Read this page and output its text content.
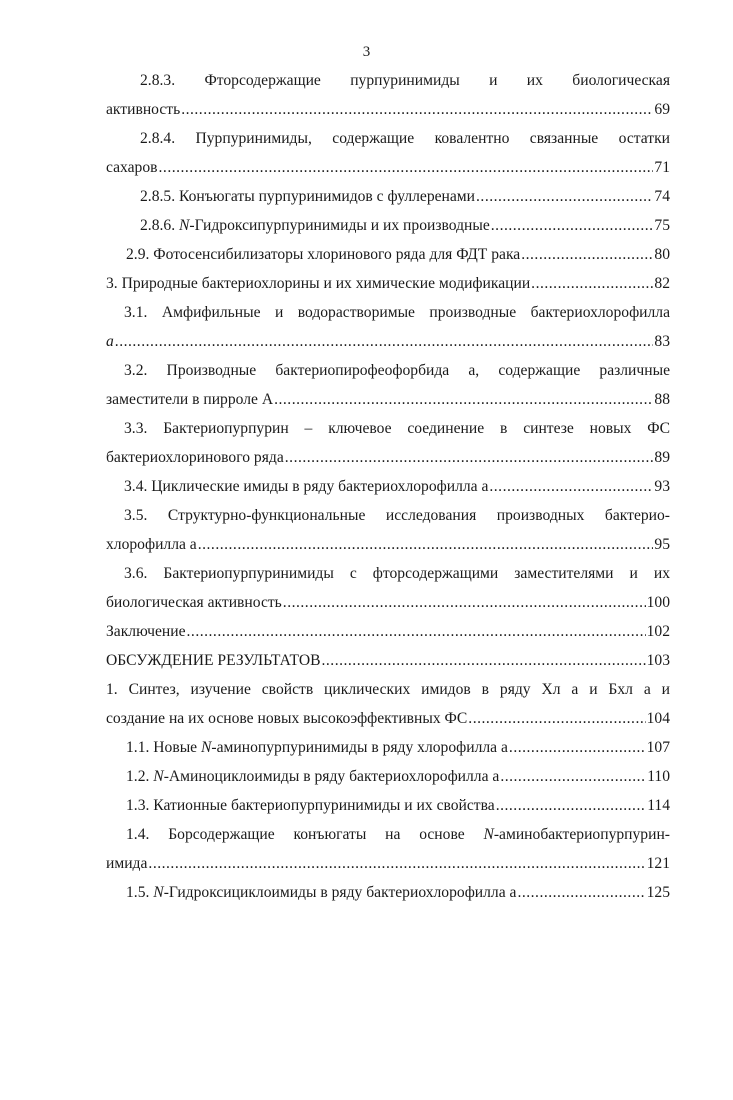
3
2.8.3. Фторсодержащие пурпуринимиды и их биологическая
активность .....	69
2.8.4. Пурпуринимиды, содержащие ковалентно связанные остатки
сахаров .....	71
2.8.5. Конъюгаты пурпуринимидов с фуллеренами .....	74
2.8.6. N-Гидроксипурпуринимиды и их производные .....	75
2.9. Фотосенсибилизаторы хлоринового ряда для ФДТ рака .....	80
3. Природные бактериохлорины и их химические модификации .....	82
3.1. Амфифильные и водорастворимые производные бактериохлорофилла
а .....	83
3.2. Производные бактериопирофеофорбида а, содержащие различные
заместители в пирроле А .....	88
3.3. Бактериопурпурин – ключевое соединение в синтезе новых ФС
бактериохлоринового ряда .....	89
3.4. Циклические имиды в ряду бактериохлорофилла а .....	93
3.5. Структурно-функциональные исследования производных бактерио-
хлорофилла а .....	95
3.6. Бактериопурпуринимиды с фторсодержащими заместителями и их
биологическая активность .....	100
Заключение .....	102
ОБСУЖДЕНИЕ РЕЗУЛЬТАТОВ .....	103
1. Синтез, изучение свойств циклических имидов в ряду Хл а и Бхл а и
создание на их основе новых высокоэффективных ФС .....	104
1.1. Новые N-аминопурпуринимиды в ряду хлорофилла а .....	107
1.2. N-Аминоциклоимиды в ряду бактериохлорофилла а .....	110
1.3. Катионные бактериопурпуринимиды и их свойства .....	114
1.4. Борсодержащие конъюгаты на основе N-аминобактериопурпурин-
имида .....	121
1.5. N-Гидроксициклоимиды в ряду бактериохлорофилла а .....	125
